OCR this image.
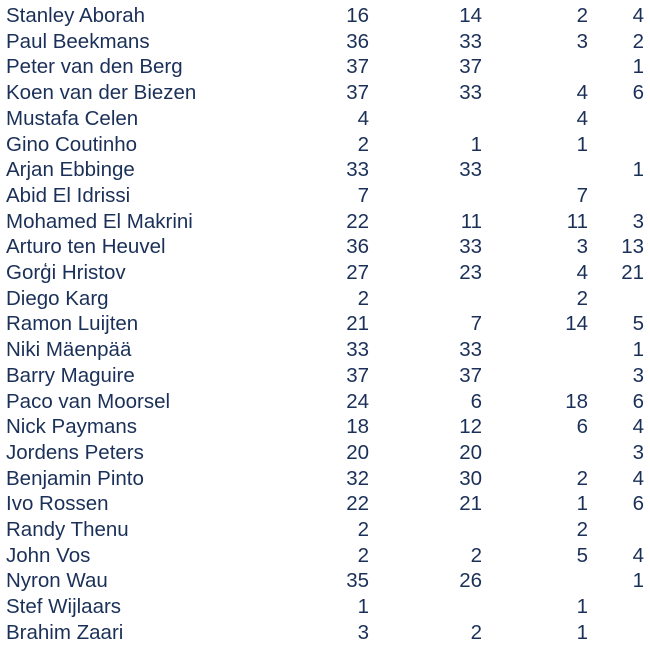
Stanley Aborah	16	14	2	4
Paul Beekmans	36	33	3	2
Peter van den Berg	37	37		1
Koen van der Biezen	37	33	4	6
Mustafa Celen	4		4	
Gino Coutinho	2	1	1	
Arjan Ebbinge	33	33		1
Abid El Idrissi	7		7	
Mohamed El Makrini	22	11	11	3
Arturo ten Heuvel	36	33	3	13
Gorģi Hristov	27	23	4	21
Diego Karg	2		2	
Ramon Luijten	21	7	14	5
Niki Mäenpää	33	33		1
Barry Maguire	37	37		3
Paco van Moorsel	24	6	18	6
Nick Paymans	18	12	6	4
Jordens Peters	20	20		3
Benjamin Pinto	32	30	2	4
Ivo Rossen	22	21	1	6
Randy Thenu	2		2	
John Vos	2	2	5	4
Nyron Wau	35	26		1
Stef Wijlaars	1		1	
Brahim Zaari	3	2	1	
